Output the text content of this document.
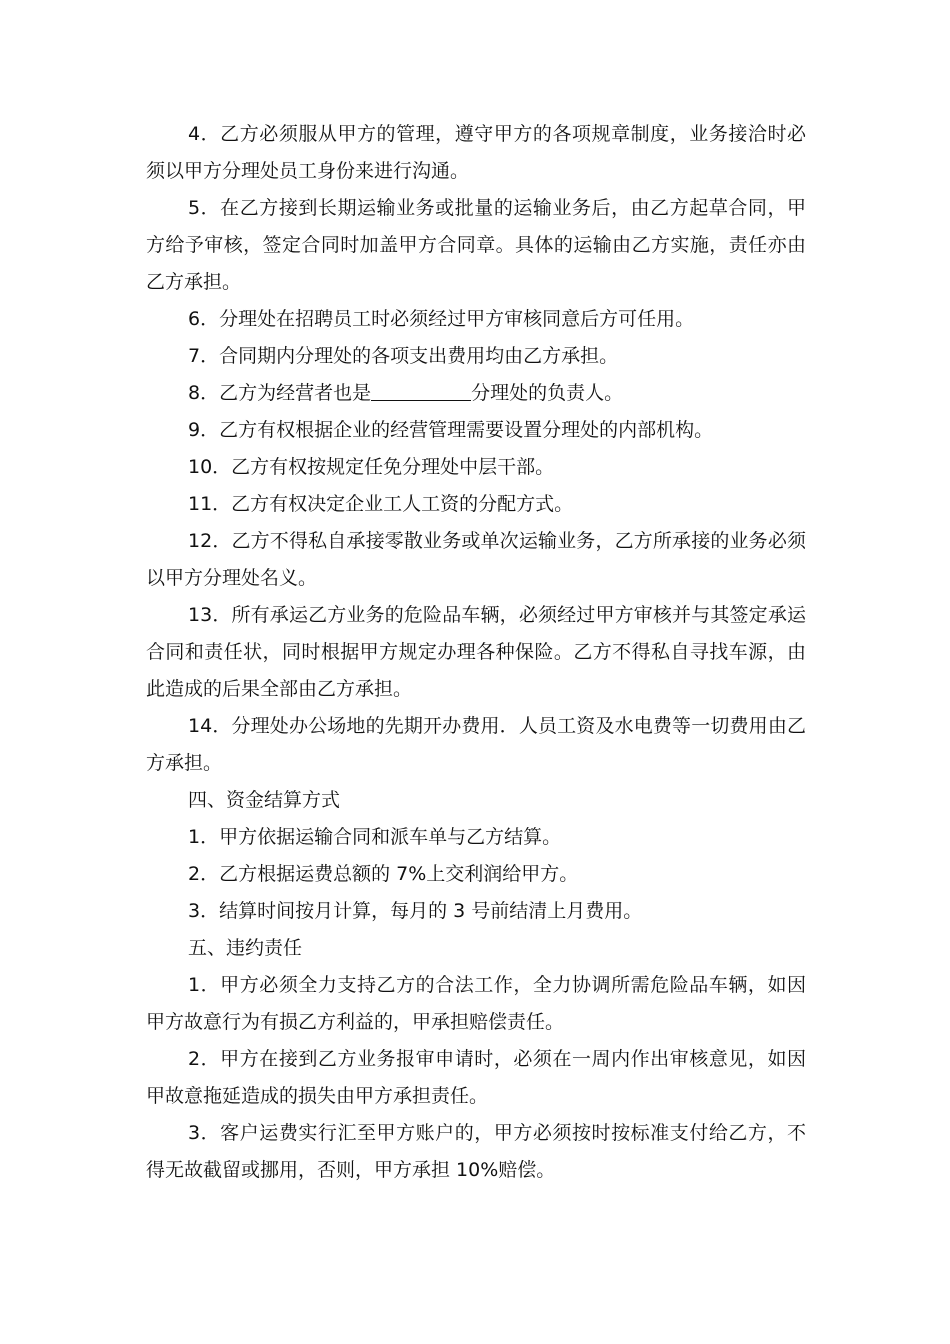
4．乙方必须服从甲方的管理，遵守甲方的各项规章制度，业务接洽时必须以甲方分理处员工身份来进行沟通。

5．在乙方接到长期运输业务或批量的运输业务后，由乙方起草合同，甲方给予审核，签定合同时加盖甲方合同章。具体的运输由乙方实施，责任亦由乙方承担。

6．分理处在招聘员工时必须经过甲方审核同意后方可任用。

7．合同期内分理处的各项支出费用均由乙方承担。

8．乙方为经营者也是	分理处的负责人。

9．乙方有权根据企业的经营管理需要设置分理处的内部机构。

10．乙方有权按规定任免分理处中层干部。

11．乙方有权决定企业工人工资的分配方式。

12．乙方不得私自承接零散业务或单次运输业务，乙方所承接的业务必须以甲方分理处名义。

13．所有承运乙方业务的危险品车辆，必须经过甲方审核并与其签定承运合同和责任状，同时根据甲方规定办理各种保险。乙方不得私自寻找车源，由此造成的后果全部由乙方承担。

14．分理处办公场地的先期开办费用．人员工资及水电费等一切费用由乙方承担。

四、资金结算方式

1．甲方依据运输合同和派车单与乙方结算。

2．乙方根据运费总额的 7%上交利润给甲方。

3．结算时间按月计算，每月的 3 号前结清上月费用。

五、违约责任

1．甲方必须全力支持乙方的合法工作，全力协调所需危险品车辆，如因甲方故意行为有损乙方利益的，甲承担赔偿责任。

2．甲方在接到乙方业务报审申请时，必须在一周内作出审核意见，如因甲故意拖延造成的损失由甲方承担责任。

3．客户运费实行汇至甲方账户的，甲方必须按时按标准支付给乙方，不得无故截留或挪用，否则，甲方承担 10%赔偿。
